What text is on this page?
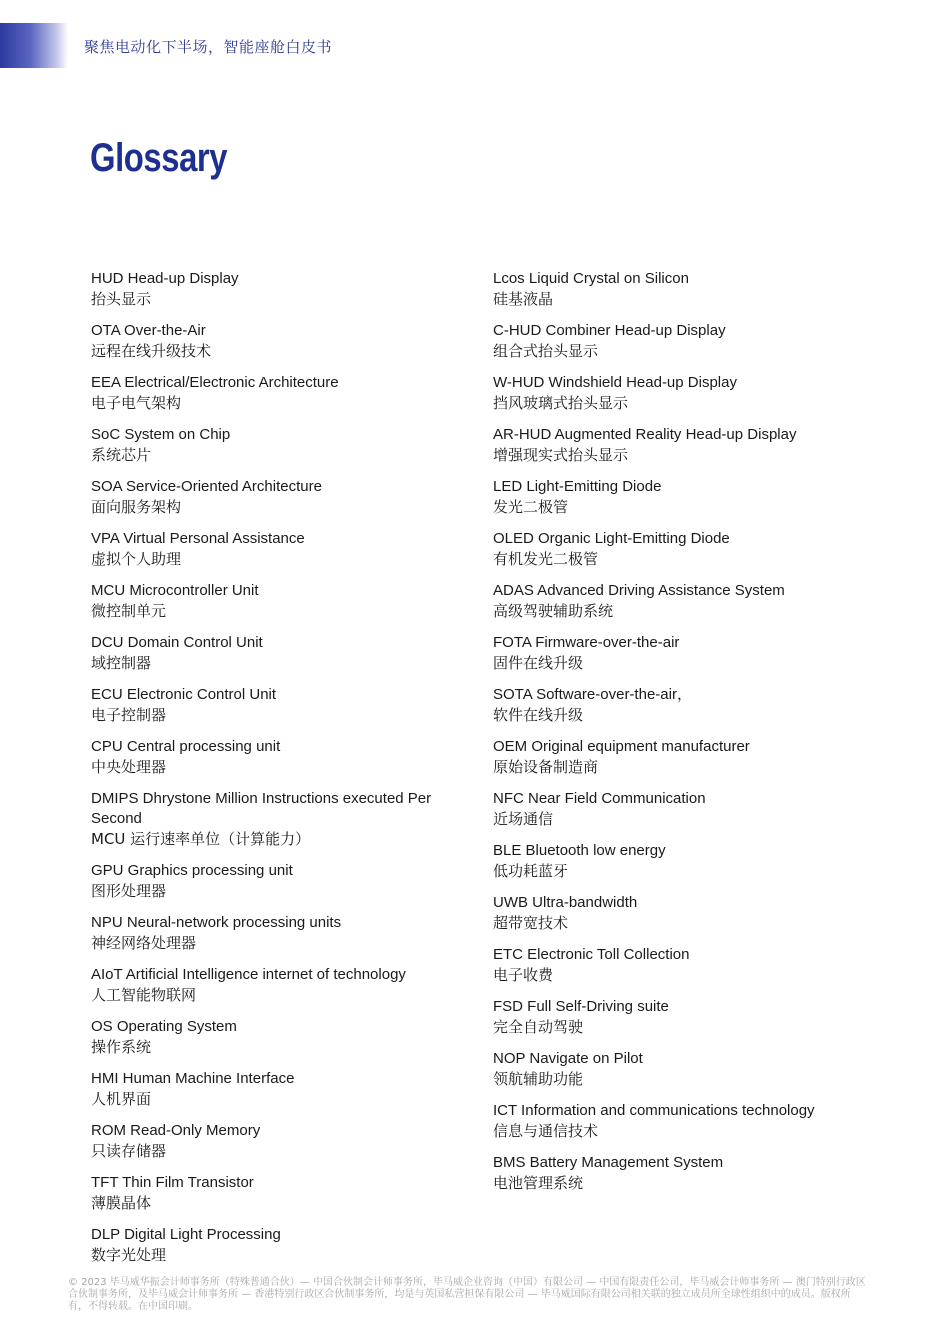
聚焦电动化下半场，智能座舱白皮书
Glossary
HUD Head-up Display
抬头显示
OTA Over-the-Air
远程在线升级技术
EEA Electrical/Electronic Architecture
电子电气架构
SoC System on Chip
系统芯片
SOA Service-Oriented Architecture
面向服务架构
VPA Virtual Personal Assistance
虚拟个人助理
MCU Microcontroller Unit
微控制单元
DCU Domain Control Unit
域控制器
ECU Electronic Control Unit
电子控制器
CPU Central processing unit
中央处理器
DMIPS Dhrystone Million Instructions executed Per Second
MCU 运行速率单位（计算能力）
GPU Graphics processing unit
图形处理器
NPU Neural-network processing units
神经网络处理器
AIoT Artificial Intelligence internet of technology
人工智能物联网
OS Operating System
操作系统
HMI Human Machine Interface
人机界面
ROM Read-Only Memory
只读存储器
TFT Thin Film Transistor
薄膜晶体
DLP Digital Light Processing
数字光处理
Lcos Liquid Crystal on Silicon
硅基液晶
C-HUD Combiner Head-up Display
组合式抬头显示
W-HUD Windshield Head-up Display
挡风玻璃式抬头显示
AR-HUD Augmented Reality Head-up Display
增强现实式抬头显示
LED Light-Emitting Diode
发光二极管
OLED Organic Light-Emitting Diode
有机发光二极管
ADAS Advanced Driving Assistance System
高级驾驶辅助系统
FOTA Firmware-over-the-air
固件在线升级
SOTA Software-over-the-air，
软件在线升级
OEM Original equipment manufacturer
原始设备制造商
NFC Near Field Communication
近场通信
BLE Bluetooth low energy
低功耗蓝牙
UWB Ultra-bandwidth
超带宽技术
ETC Electronic Toll Collection
电子收费
FSD Full Self-Driving suite
完全自动驾驶
NOP Navigate on Pilot
领航辅助功能
ICT Information and communications technology
信息与通信技术
BMS Battery Management System
电池管理系统
© 2023 毕马威华振会计师事务所（特殊普通合伙）— 中国合伙制会计师事务所，毕马威企业咨询（中国）有限公司 — 中国有限责任公司，毕马威会计师事务所 — 澳门特别行政区合伙制事务所，及毕马威会计师事务所 — 香港特别行政区合伙制事务所，均是与英国私营担保有限公司 — 毕马威国际有限公司相关联的独立成员所全球性组织中的成员。版权所有，不得转载。在中国印刷。
